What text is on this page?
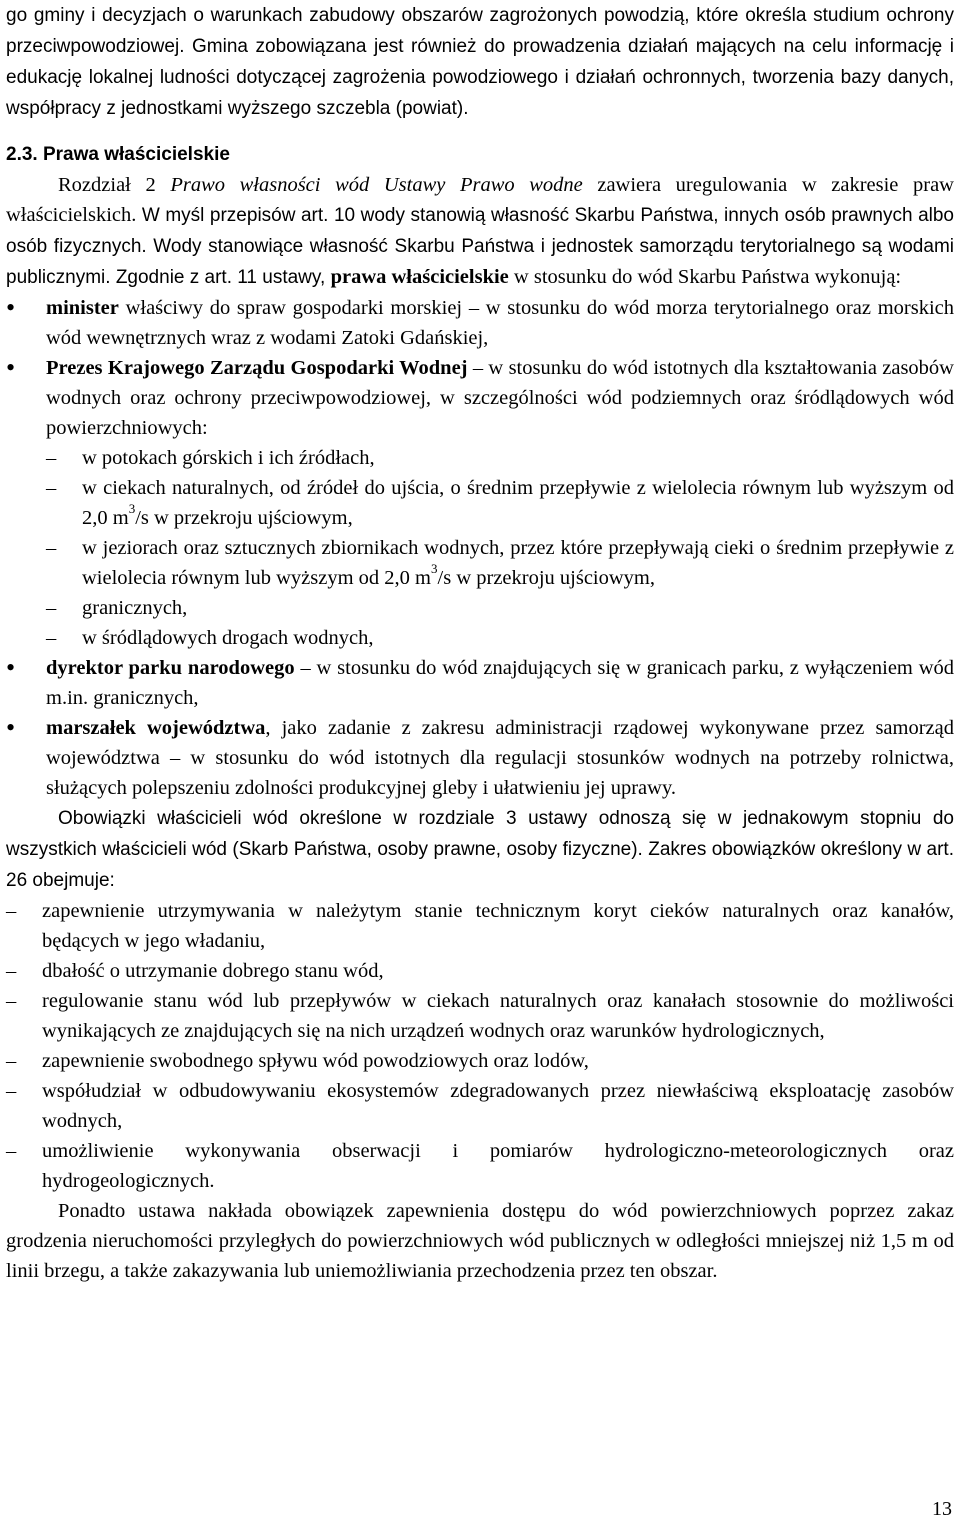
go gminy i decyzjach o warunkach zabudowy obszarów zagrożonych powodzią, które określa studium ochrony przeciwpowodziowej. Gmina zobowiązana jest również do prowadzenia działań mających na celu informację i edukację lokalnej ludności dotyczącej zagrożenia powodziowego i działań ochronnych, tworzenia bazy danych, współpracy z jednostkami wyższego szczebla (powiat).

2.3. Prawa właścicielskie

Rozdział 2 Prawo własności wód Ustawy Prawo wodne zawiera uregulowania w zakresie praw właścicielskich. W myśl przepisów art. 10 wody stanowią własność Skarbu Państwa, innych osób prawnych albo osób fizycznych. Wody stanowiące własność Skarbu Państwa i jednostek samorządu terytorialnego są wodami publicznymi. Zgodnie z art. 11 ustawy, prawa właścicielskie w stosunku do wód Skarbu Państwa wykonują:

• minister właściwy do spraw gospodarki morskiej – w stosunku do wód morza terytorialnego oraz morskich wód wewnętrznych wraz z wodami Zatoki Gdańskiej,
• Prezes Krajowego Zarządu Gospodarki Wodnej – w stosunku do wód istotnych dla kształtowania zasobów wodnych oraz ochrony przeciwpowodziowej, w szczególności wód podziemnych oraz śródlądowych wód powierzchniowych:
– w potokach górskich i ich źródłach,
– w ciekach naturalnych, od źródeł do ujścia, o średnim przepływie z wielolecia równym lub wyższym od 2,0 $m^3/s$ w przekroju ujściowym,
– w jeziorach oraz sztucznych zbiornikach wodnych, przez które przepływają cieki o średnim przepływie z wielolecia równym lub wyższym od 2,0 $m^3/s$ w przekroju ujściowym,
– granicznych,
– w śródlądowych drogach wodnych,
• dyrektor parku narodowego – w stosunku do wód znajdujących się w granicach parku, z wyłączeniem wód m.in. granicznych,
• marszałek województwa, jako zadanie z zakresu administracji rządowej wykonywane przez samorząd województwa – w stosunku do wód istotnych dla regulacji stosunków wodnych na potrzeby rolnictwa, służących polepszeniu zdolności produkcyjnej gleby i ułatwieniu jej uprawy.

Obowiązki właścicieli wód określone w rozdziale 3 ustawy odnoszą się w jednakowym stopniu do wszystkich właścicieli wód (Skarb Państwa, osoby prawne, osoby fizyczne). Zakres obowiązków określony w art. 26 obejmuje:

– zapewnienie utrzymywania w należytym stanie technicznym koryt cieków naturalnych oraz kanałów, będących w jego władaniu,
– dbałość o utrzymanie dobrego stanu wód,
– regulowanie stanu wód lub przepływów w ciekach naturalnych oraz kanałach stosownie do możliwości wynikających ze znajdujących się na nich urządzeń wodnych oraz warunków hydrologicznych,
– zapewnienie swobodnego spływu wód powodziowych oraz lodów,
– współudział w odbudowywaniu ekosystemów zdegradowanych przez niewłaściwą eksploatację zasobów wodnych,
– umożliwienie wykonywania obserwacji i pomiarów hydrologiczno-meteorologicznych oraz hydrogeologicznych.

Ponadto ustawa nakłada obowiązek zapewnienia dostępu do wód powierzchniowych poprzez zakaz grodzenia nieruchomości przyległych do powierzchniowych wód publicznych w odległości mniejszej niż 1,5 m od linii brzegu, a także zakazywania lub uniemożliwiania przechodzenia przez ten obszar.

13
